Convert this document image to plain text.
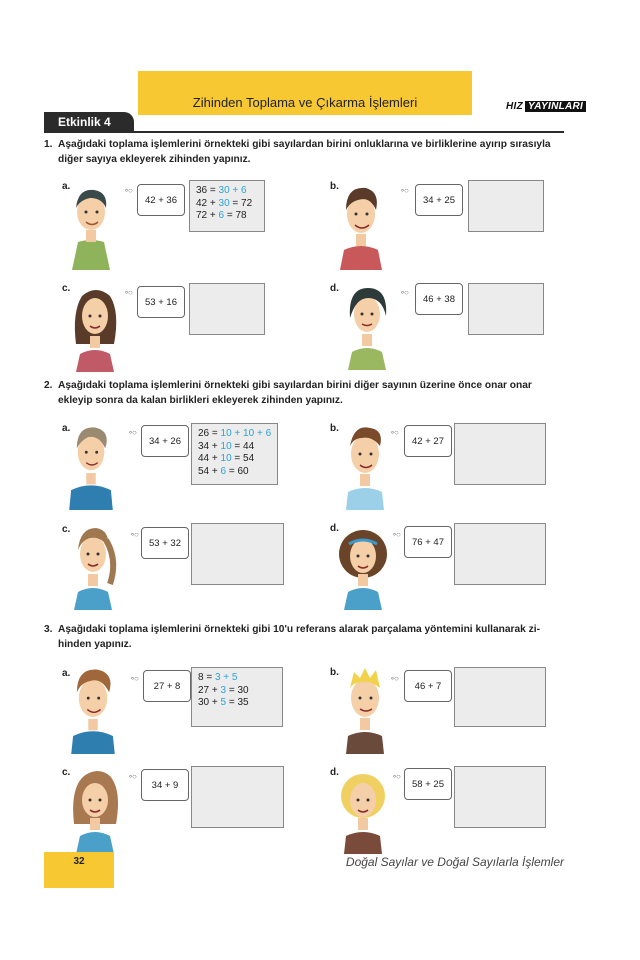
Zihinden Toplama ve Çıkarma İşlemleri
Etkinlik 4
HIZ YAYINLARI
1. Aşağıdaki toplama işlemlerini örnekteki gibi sayılardan birini onluklarına ve birliklerine ayırıp sırasıyla
diğer sayıya ekleyerek zihinden yapınız.
a.	∘○
42 + 36
36 = 30 + 6
42 + 30 = 72
72 + 6 = 78
b.	∘○
34 + 25
c.	∘○
53 + 16
d.	∘○
46 + 38
2. Aşağıdaki toplama işlemlerini örnekteki gibi sayılardan birini diğer sayının üzerine önce onar onar
ekleyip sonra da kalan birlikleri ekleyerek zihinden yapınız.
a.	∘○
34 + 26
26 = 10 + 10 + 6
34 + 10 = 44
44 + 10 = 54
54 + 6 = 60
b.	∘○
42 + 27
c.	∘○
53 + 32
d.
∘○
76 + 47
3. Aşağıdaki toplama işlemlerini örnekteki gibi 10'u referans alarak parçalama yöntemini kullanarak zi-
hinden yapınız.
a.	∘○
27 + 8
8 = 3 + 5
27 + 3 = 30
30 + 5 = 35
b.
∘○
46 + 7
c.	∘○
34 + 9
d.	∘○
58 + 25
32	Doğal Sayılar ve Doğal Sayılarla İşlemler
